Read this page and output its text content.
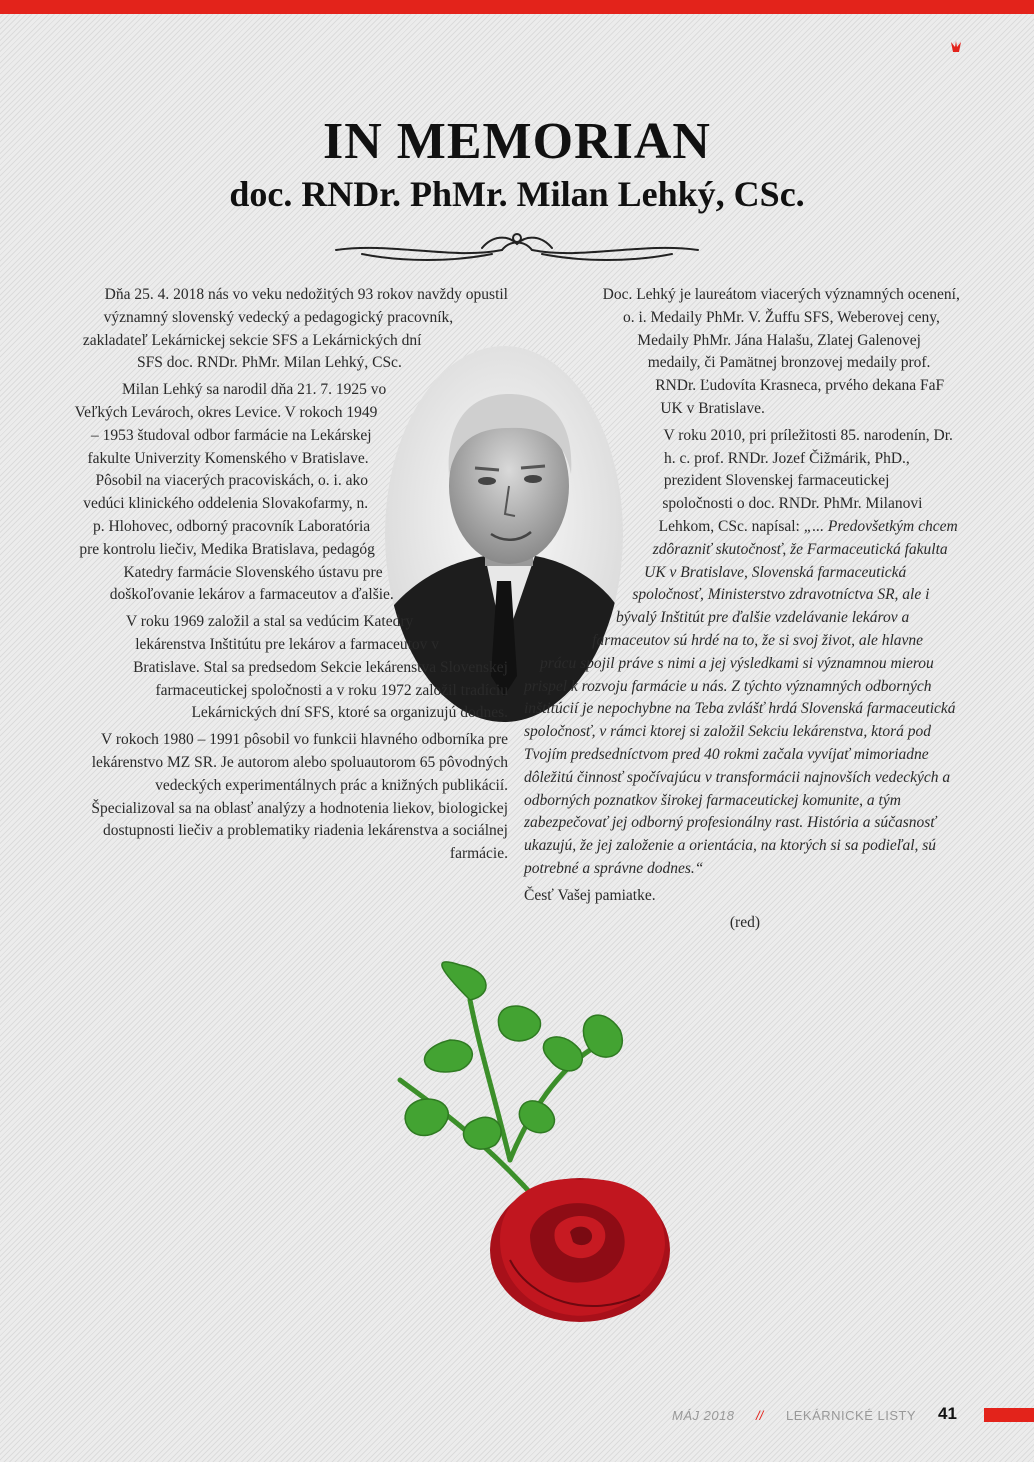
IN MEMORIAN
doc. RNDr. PhMr. Milan Lehký, CSc.

Dňa 25. 4. 2018 nás vo veku nedožitých 93 rokov navždy opustil významný slovenský vedecký a pedagogický pracovník, zakladateľ Lekárnickej sekcie SFS a Lekárnických dní SFS doc. RNDr. PhMr. Milan Lehký, CSc.

Milan Lehký sa narodil dňa 21. 7. 1925 vo Veľkých Levároch, okres Levice. V rokoch 1949 – 1953 študoval odbor farmácie na Lekárskej fakulte Univerzity Komenského v Bratislave. Pôsobil na viacerých pracoviskách, o. i. ako vedúci klinického oddelenia Slovakofarmy, n. p. Hlohovec, odborný pracovník Laboratória pre kontrolu liečiv, Medika Bratislava, pedagóg Katedry farmácie Slovenského ústavu pre doškoľovanie lekárov a farmaceutov a ďalšie.

V roku 1969 založil a stal sa vedúcim Katedry lekárenstva Inštitútu pre lekárov a farmaceutov v Bratislave. Stal sa predsedom Sekcie lekárenstva Slovenskej farmaceutickej spoločnosti a v roku 1972 založil tradíciu Lekárnických dní SFS, ktoré sa organizujú dodnes.

V rokoch 1980 – 1991 pôsobil vo funkcii hlavného odborníka pre lekárenstvo MZ SR. Je autorom alebo spoluautorom 65 pôvodných vedeckých experimentálnych prác a knižných publikácií. Špecializoval sa na oblasť analýzy a hodnotenia liekov, biologickej dostupnosti liečiv a problematiky riadenia lekárenstva a sociálnej farmácie.

Doc. Lehký je laureátom viacerých významných ocenení, o. i. Medaily PhMr. V. Žuffu SFS, Weberovej ceny, Medaily PhMr. Jána Halašu, Zlatej Galenovej medaily, či Pamätnej bronzovej medaily prof. RNDr. Ľudovíta Krasneca, prvého dekana FaF UK v Bratislave.

V roku 2010, pri príležitosti 85. narodenín, Dr. h. c. prof. RNDr. Jozef Čižmárik, PhD., prezident Slovenskej farmaceutickej spoločnosti o doc. RNDr. PhMr. Milanovi Lehkom, CSc. napísal: „... Predovšetkým chcem zdôrazniť skutočnosť, že Farmaceutická fakulta UK v Bratislave, Slovenská farmaceutická spoločnosť, Ministerstvo zdravotníctva SR, ale i bývalý Inštitút pre ďalšie vzdelávanie lekárov a farmaceutov sú hrdé na to, že si svoj život, ale hlavne prácu spojil práve s nimi a jej výsledkami si významnou mierou prispel k rozvoju farmácie u nás. Z týchto významných odborných inštitúcií je nepochybne na Teba zvlášť hrdá Slovenská farmaceutická spoločnosť, v rámci ktorej si založil Sekciu lekárenstva, ktorá pod Tvojím predsedníctvom pred 40 rokmi začala vyvíjať mimoriadne dôležitú činnosť spočívajúcu v transformácii najnovších vedeckých a odborných poznatkov širokej farmaceutickej komunite, a tým zabezpečovať jej odborný profesionálny rast. História a súčasnosť ukazujú, že jej založenie a orientácia, na ktorých si sa podieľal, sú potrebné a správne dodnes.“

Česť Vašej pamiatke.

(red)

MÁJ 2018 // LEKÁRNICKÉ LISTY 41
